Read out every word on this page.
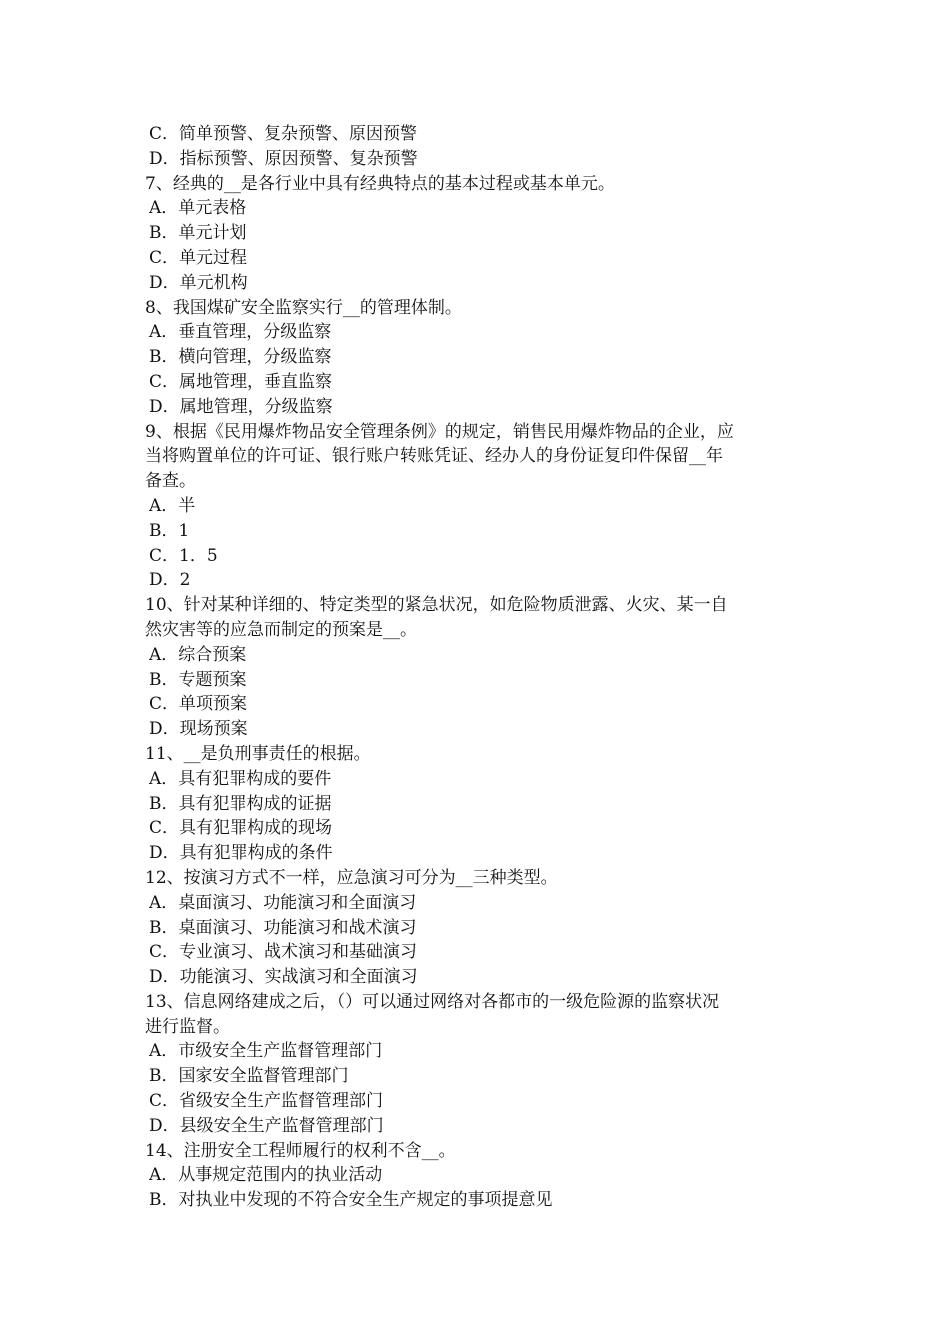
C．简单预警、复杂预警、原因预警
D．指标预警、原因预警、复杂预警
7、经典的__是各行业中具有经典特点的基本过程或基本单元。
A．单元表格
B．单元计划
C．单元过程
D．单元机构
8、我国煤矿安全监察实行__的管理体制。
A．垂直管理，分级监察
B．横向管理，分级监察
C．属地管理，垂直监察
D．属地管理，分级监察
9、根据《民用爆炸物品安全管理条例》的规定，销售民用爆炸物品的企业，应
当将购置单位的许可证、银行账户转账凭证、经办人的身份证复印件保留__年
备查。
A．半
B．1
C．1．5
D．2
10、针对某种详细的、特定类型的紧急状况，如危险物质泄露、火灾、某一自
然灾害等的应急而制定的预案是__。
A．综合预案
B．专题预案
C．单项预案
D．现场预案
11、__是负刑事责任的根据。
A．具有犯罪构成的要件
B．具有犯罪构成的证据
C．具有犯罪构成的现场
D．具有犯罪构成的条件
12、按演习方式不一样，应急演习可分为__三种类型。
A．桌面演习、功能演习和全面演习
B．桌面演习、功能演习和战术演习
C．专业演习、战术演习和基础演习
D．功能演习、实战演习和全面演习
13、信息网络建成之后，（）可以通过网络对各都市的一级危险源的监察状况
进行监督。
A．市级安全生产监督管理部门
B．国家安全监督管理部门
C．省级安全生产监督管理部门
D．县级安全生产监督管理部门
14、注册安全工程师履行的权利不含__。
A．从事规定范围内的执业活动
B．对执业中发现的不符合安全生产规定的事项提意见
